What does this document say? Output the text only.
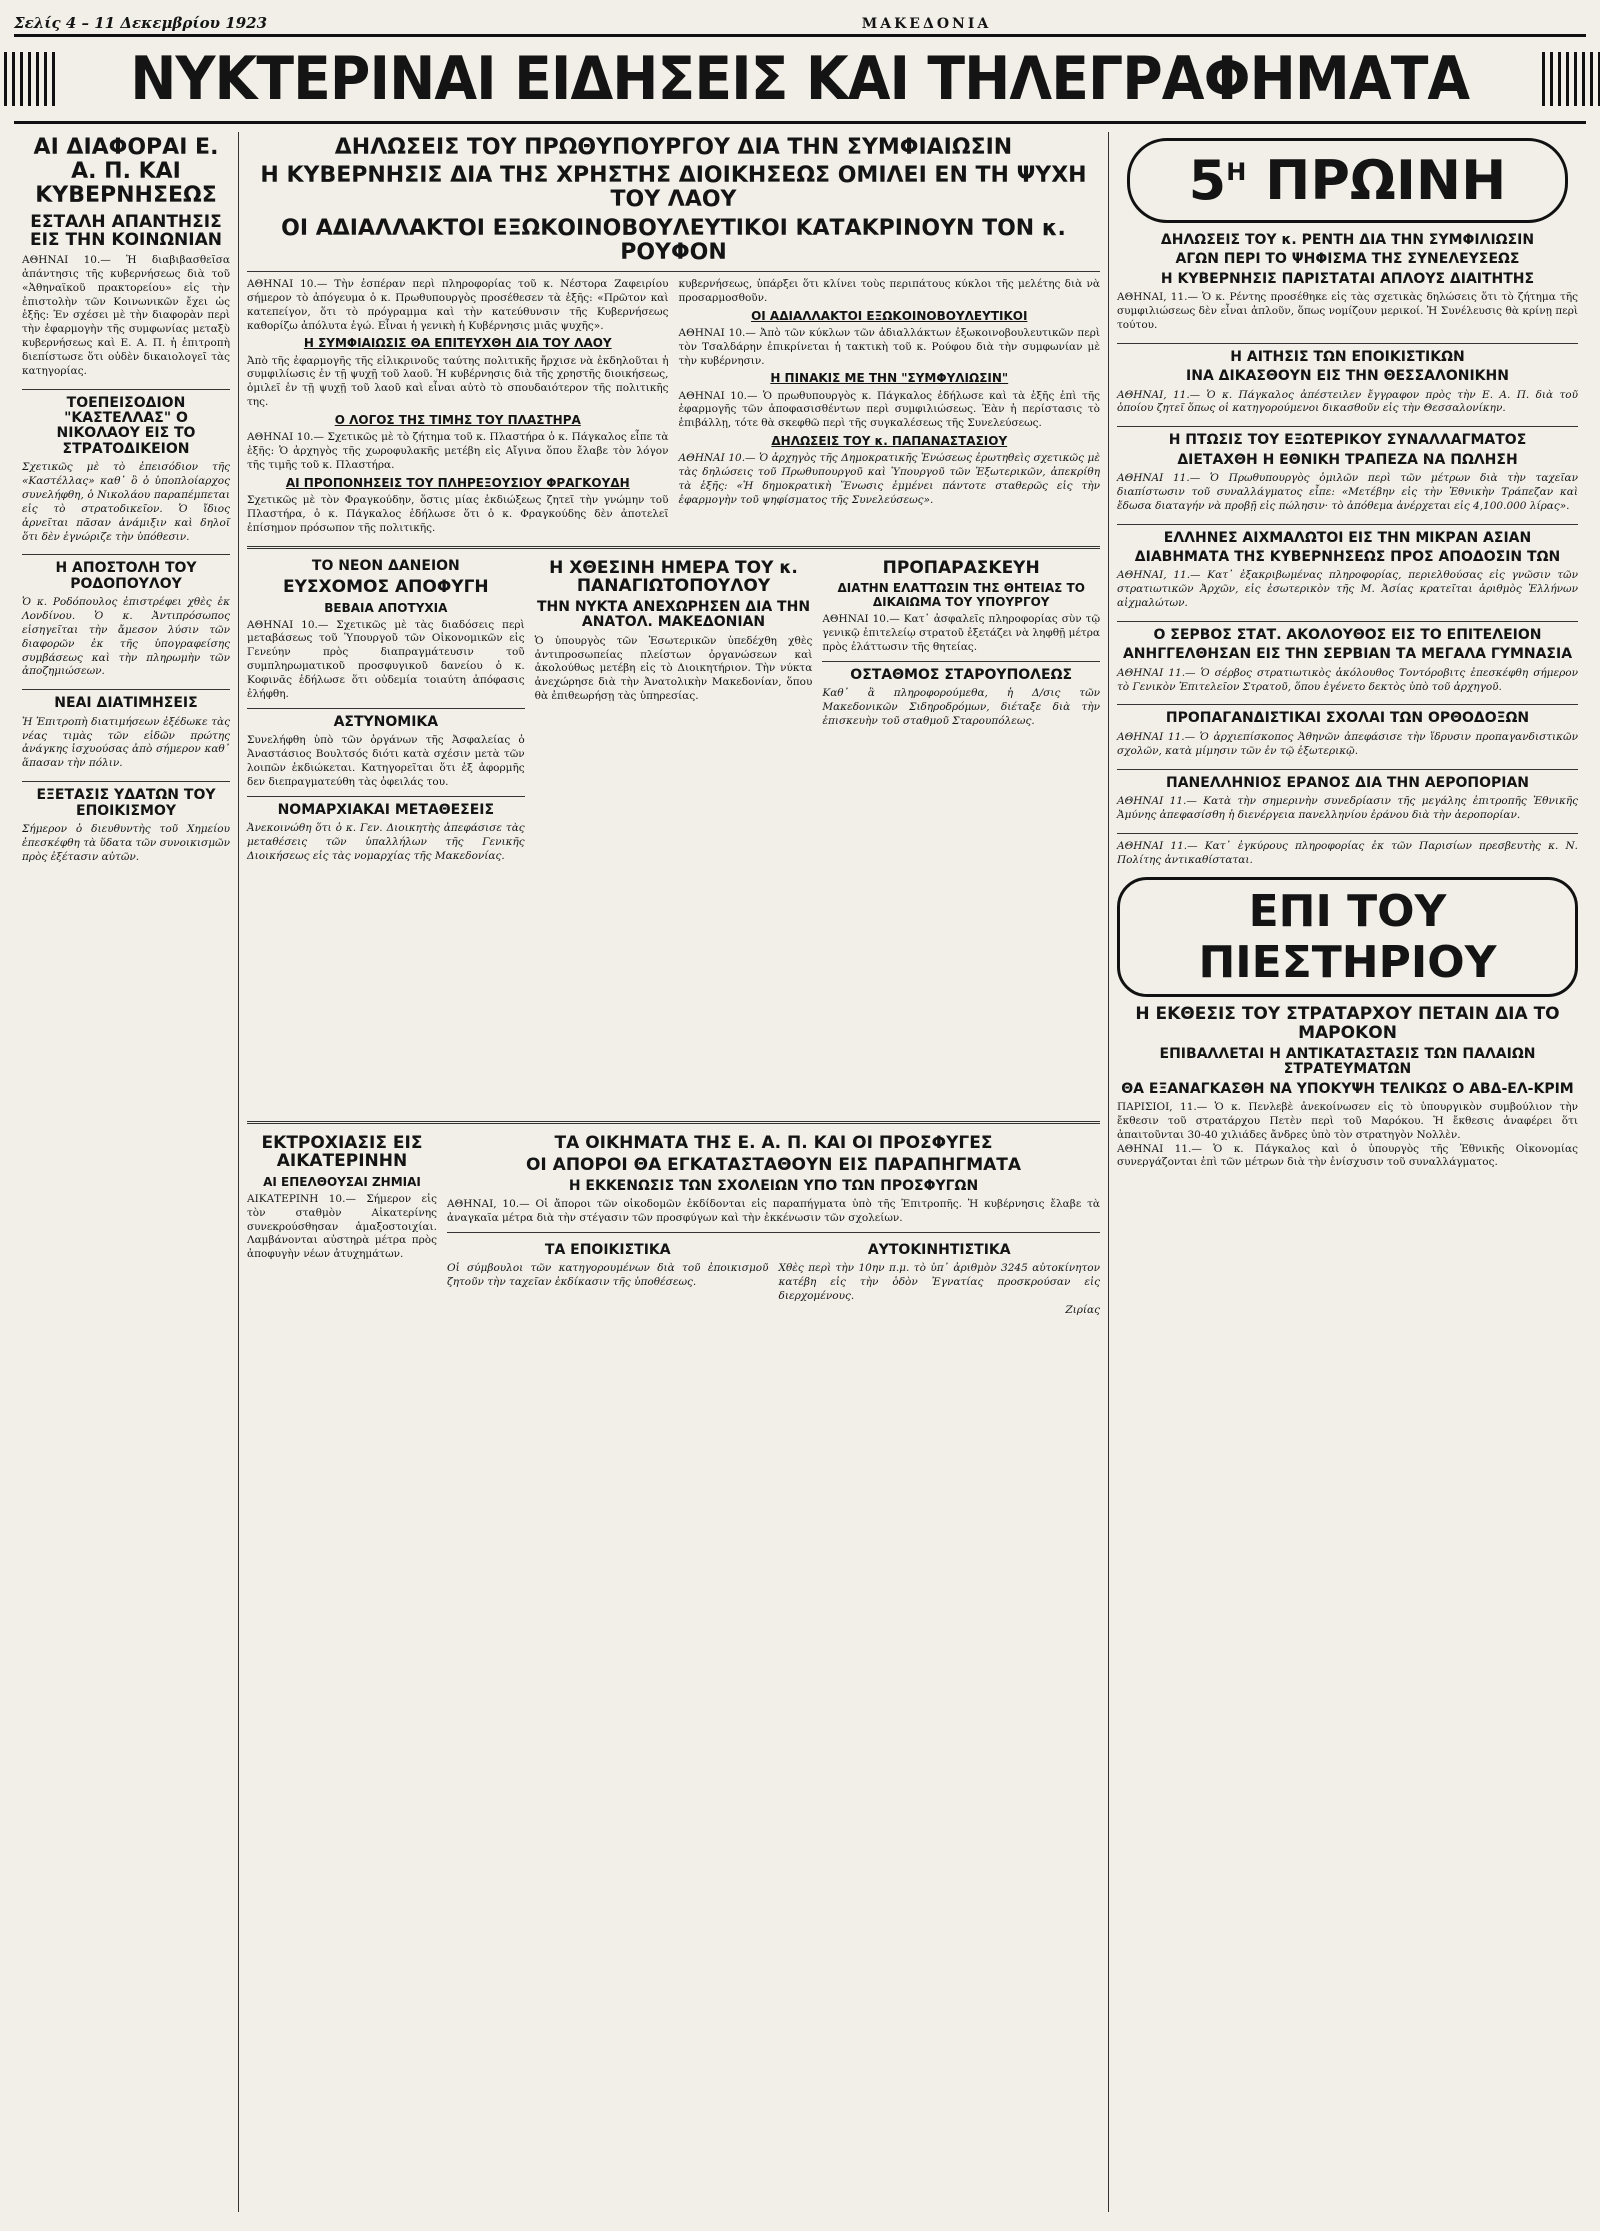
Σελίς 4 – 11 Δεκεμβρίου 1923	ΜΑΚΕΔΟΝΙΑ
ΝΥΚΤΕΡΙΝΑΙ ΕΙΔΗΣΕΙΣ ΚΑΙ ΤΗΛΕΓΡΑΦΗΜΑΤΑ
ΑΙ ΔΙΑΦΟΡΑΙ Ε. Α. Π. ΚΑΙ ΚΥΒΕΡΝΗΣΕΩΣ
ΕΣΤΑΛΗ ΑΠΑΝΤΗΣΙΣ ΕΙΣ ΤΗΝ ΚΟΙΝΩΝΙΑΝ

ΑΘΗΝΑΙ 10.— Ἡ διαβιβασθεῖσα ἀπάντησις τῆς κυβερνήσεως διὰ τοῦ «Ἀθηναϊκοῦ πρακτορείου» εἰς τὴν ἐπιστολὴν τῶν Κοινωνικῶν ἔχει ὡς ἑξῆς: Ἐν σχέσει μὲ τὴν διαφορὰν περὶ τὴν ἐφαρμογὴν τῆς συμφωνίας μεταξὺ κυβερνήσεως καὶ Ε. Α. Π. ἡ ἐπιτροπὴ διεπίστωσε ὅτι οὐδὲν δικαιολογεῖ τὰς κατηγορίας.

ΤΟΕΠΕΙΣΟΔΙΟΝ "ΚΑΣΤΕΛΛΑΣ" Ο ΝΙΚΟΛΑΟΥ ΕΙΣ ΤΟ ΣΤΡΑΤΟΔΙΚΕΙΟΝ

Σχετικῶς μὲ τὸ ἐπεισόδιον τῆς «Καστέλλας» καθ᾽ ὃ ὁ ὑποπλοίαρχος συνελήφθη, ὁ Νικολάου παραπέμπεται εἰς τὸ στρατοδικεῖον. Ὁ ἴδιος ἀρνεῖται πᾶσαν ἀνάμιξιν καὶ δηλοῖ ὅτι δὲν ἐγνώριζε τὴν ὑπόθεσιν.

Η ΑΠΟΣΤΟΛΗ ΤΟΥ ΡΟΔΟΠΟΥΛΟΥ

Ὁ κ. Ροδόπουλος ἐπιστρέφει χθὲς ἐκ Λονδίνου. Ὁ κ. Ἀντιπρόσωπος εἰσηγεῖται τὴν ἄμεσον λύσιν τῶν διαφορῶν ἐκ τῆς ὑπογραφείσης συμβάσεως καὶ τὴν πληρωμὴν τῶν ἀποζημιώσεων.

ΝΕΑΙ ΔΙΑΤΙΜΗΣΕΙΣ

Ἡ Ἐπιτροπὴ διατιμήσεων ἐξέδωκε τὰς νέας τιμὰς τῶν εἰδῶν πρώτης ἀνάγκης ἰσχυούσας ἀπὸ σήμερον καθ᾽ ἅπασαν τὴν πόλιν.

ΕΞΕΤΑΣΙΣ ΥΔΑΤΩΝ ΤΟΥ ΕΠΟΙΚΙΣΜΟΥ

Σήμερον ὁ διευθυντὴς τοῦ Χημείου ἐπεσκέφθη τὰ ὕδατα τῶν συνοικισμῶν πρὸς ἐξέτασιν αὐτῶν.

ΔΗΛΩΣΕΙΣ ΤΟΥ ΠΡΩΘΥΠΟΥΡΓΟΥ ΔΙΑ ΤΗΝ ΣΥΜΦΙΑΙΩΣΙΝ
Η ΚΥΒΕΡΝΗΣΙΣ ΔΙΑ ΤΗΣ ΧΡΗΣΤΗΣ ΔΙΟΙΚΗΣΕΩΣ ΟΜΙΛΕΙ ΕΝ ΤΗ ΨΥΧΗ ΤΟΥ ΛΑΟΥ
ΟΙ ΑΔΙΑΛΛΑΚΤΟΙ ΕΞΩΚΟΙΝΟΒΟΥΛΕΥΤΙΚΟΙ ΚΑΤΑΚΡΙΝΟΥΝ ΤΟΝ κ. ΡΟΥΦΟΝ

ΑΘΗΝΑΙ 10.— Τὴν ἐσπέραν περὶ πληροφορίας τοῦ κ. Νέστορα Ζαφειρίου σήμερον τὸ ἀπόγευμα ὁ κ. Πρωθυπουργὸς προσέθεσεν τὰ ἑξῆς: «Πρῶτον καὶ κατεπείγον, ὅτι τὸ πρόγραμμα καὶ τὴν κατεύθυνσιν τῆς Κυβερνήσεως καθορίζω ἀπόλυτα ἐγώ. Εἶναι ἡ γενικὴ ἡ Κυβέρνησις μιᾶς ψυχῆς».

Η ΣΥΜΦΙΑΙΩΣΙΣ ΘΑ ΕΠΙΤΕΥΧΘΗ ΔΙΑ ΤΟΥ ΛΑΟΥ

Ἀπὸ τῆς ἐφαρμογῆς τῆς εἰλικρινοῦς ταύτης πολιτικῆς ἤρχισε νὰ ἐκδηλοῦται ἡ συμφιλίωσις ἐν τῇ ψυχῇ τοῦ λαοῦ. Ἡ κυβέρνησις διὰ τῆς χρηστῆς διοικήσεως, ὁμιλεῖ ἐν τῇ ψυχῇ τοῦ λαοῦ καὶ εἶναι αὐτὸ τὸ σπουδαιότερον τῆς πολιτικῆς της.

Ο ΛΟΓΟΣ ΤΗΣ ΤΙΜΗΣ ΤΟΥ ΠΛΑΣΤΗΡΑ

ΑΘΗΝΑΙ 10.— Σχετικῶς μὲ τὸ ζήτημα τοῦ κ. Πλαστήρα ὁ κ. Πάγκαλος εἶπε τὰ ἑξῆς: Ὁ ἀρχηγὸς τῆς χωροφυλακῆς μετέβη εἰς Αἴγινα ὅπου ἔλαβε τὸν λόγον τῆς τιμῆς τοῦ κ. Πλαστήρα.

ΑΙ ΠΡΟΠΟΝΗΣΕΙΣ ΤΟΥ ΠΛΗΡΕΞΟΥΣΙΟΥ ΦΡΑΓΚΟΥΔΗ

Σχετικῶς μὲ τὸν Φραγκούδην, ὅστις μίας ἐκδιώξεως ζητεῖ τὴν γνώμην τοῦ Πλαστήρα, ὁ κ. Πάγκαλος ἐδήλωσε ὅτι ὁ κ. Φραγκούδης δὲν ἀποτελεῖ ἐπίσημον πρόσωπον τῆς πολιτικῆς.

κυβερνήσεως, ὑπάρξει ὅτι κλίνει τοὺς περιπάτους κύκλοι τῆς μελέτης διὰ νὰ προσαρμοσθοῦν.

ΟΙ ΑΔΙΑΛΛΑΚΤΟΙ ΕΞΩΚΟΙΝΟΒΟΥΛΕΥΤΙΚΟΙ

ΑΘΗΝΑΙ 10.— Ἀπὸ τῶν κύκλων τῶν ἀδιαλλάκτων ἐξωκοινοβουλευτικῶν περὶ τὸν Τσαλδάρην ἐπικρίνεται ἡ τακτικὴ τοῦ κ. Ρούφου διὰ τὴν συμφωνίαν μὲ τὴν κυβέρνησιν.

Η ΠΙΝΑΚΙΣ ΜΕ ΤΗΝ "ΣΥΜΦΥΛΙΩΣΙΝ"

ΑΘΗΝΑΙ 10.— Ὁ πρωθυπουργὸς κ. Πάγκαλος ἐδήλωσε καὶ τὰ ἑξῆς ἐπὶ τῆς ἐφαρμογῆς τῶν ἀποφασισθέντων περὶ συμφιλιώσεως. Ἐὰν ἡ περίστασις τὸ ἐπιβάλλῃ, τότε θὰ σκεφθῶ περὶ τῆς συγκαλέσεως τῆς Συνελεύσεως.

ΔΗΛΩΣΕΙΣ ΤΟΥ κ. ΠΑΠΑΝΑΣΤΑΣΙΟΥ

ΑΘΗΝΑΙ 10.— Ὁ ἀρχηγὸς τῆς Δημοκρατικῆς Ἑνώσεως ἐρωτηθεὶς σχετικῶς μὲ τὰς δηλώσεις τοῦ Πρωθυπουργοῦ καὶ Ὑπουργοῦ τῶν Ἐξωτερικῶν, ἀπεκρίθη τὰ ἑξῆς: «Ἡ δημοκρατικὴ Ἕνωσις ἐμμένει πάντοτε σταθερῶς εἰς τὴν ἐφαρμογὴν τοῦ ψηφίσματος τῆς Συνελεύσεως».

ΤΟ ΝΕΟΝ ΔΑΝΕΙΟΝ
ΕΥΣΧΟΜΟΣ ΑΠΟΦΥΓΗ
ΒΕΒΑΙΑ ΑΠΟΤΥΧΙΑ

ΑΘΗΝΑΙ 10.— Σχετικῶς μὲ τὰς διαδόσεις περὶ μεταβάσεως τοῦ Ὑπουργοῦ τῶν Οἰκονομικῶν εἰς Γενεύην πρὸς διαπραγμάτευσιν τοῦ συμπληρωματικοῦ προσφυγικοῦ δανείου ὁ κ. Κοφινᾶς ἐδήλωσε ὅτι οὐδεμία τοιαύτη ἀπόφασις ἐλήφθη.

ΑΣΤΥΝΟΜΙΚΑ

Συνελήφθη ὑπὸ τῶν ὀργάνων τῆς Ἀσφαλείας ὁ Ἀναστάσιος Βουλτσός διότι κατὰ σχέσιν μετὰ τῶν λοιπῶν ἐκδιώκεται. Κατηγορεῖται ὅτι ἐξ ἀφορμῆς δεν διεπραγματεύθη τὰς ὀφειλάς του.

ΝΟΜΑΡΧΙΑΚΑΙ ΜΕΤΑΘΕΣΕΙΣ

Ἀνεκοινώθη ὅτι ὁ κ. Γεν. Διοικητὴς ἀπεφάσισε τὰς μεταθέσεις τῶν ὑπαλλήλων τῆς Γενικῆς Διοικήσεως εἰς τὰς νομαρχίας τῆς Μακεδονίας.

Η ΧΘΕΣΙΝΗ ΗΜΕΡΑ ΤΟΥ κ. ΠΑΝΑΓΙΩΤΟΠΟΥΛΟΥ
ΤΗΝ ΝΥΚΤΑ ΑΝΕΧΩΡΗΣΕΝ ΔΙΑ ΤΗΝ ΑΝΑΤΟΛ. ΜΑΚΕΔΟΝΙΑΝ

Ὁ ὑπουργὸς τῶν Ἐσωτερικῶν ὑπεδέχθη χθὲς ἀντιπροσωπείας πλείστων ὀργανώσεων καὶ ἀκολούθως μετέβη εἰς τὸ Διοικητήριον. Τὴν νύκτα ἀνεχώρησε διὰ τὴν Ἀνατολικὴν Μακεδονίαν, ὅπου θὰ ἐπιθεωρήσῃ τὰς ὑπηρεσίας.

ΠΡΟΠΑΡΑΣΚΕΥΗ
ΔΙΑΤΗΝ ΕΛΑΤΤΩΣΙΝ ΤΗΣ ΘΗΤΕΙΑΣ ΤΟ ΔΙΚΑΙΩΜΑ ΤΟΥ ΥΠΟΥΡΓΟΥ

ΑΘΗΝΑΙ 10.— Κατ᾽ ἀσφαλεῖς πληροφορίας σὺν τῷ γενικῷ ἐπιτελείῳ στρατοῦ ἐξετάζει νὰ ληφθῇ μέτρα πρὸς ἐλάττωσιν τῆς θητείας.

ΟΣΤΑΘΜΟΣ ΣΤΑΡΟΥΠΟΛΕΩΣ

Καθ᾽ ἃ πληροφορούμεθα, ἡ Δ/σις τῶν Μακεδονικῶν Σιδηροδρόμων, διέταξε διὰ τὴν ἐπισκευὴν τοῦ σταθμοῦ Σταρουπόλεως.

ΕΚΤΡΟΧΙΑΣΙΣ ΕΙΣ ΑΙΚΑΤΕΡΙΝΗΝ
ΑΙ ΕΠΕΛΘΟΥΣΑΙ ΖΗΜΙΑΙ

ΑΙΚΑΤΕΡΙΝΗ 10.— Σήμερον εἰς τὸν σταθμὸν Αἰκατερίνης συνεκρούσθησαν ἁμαξοστοιχίαι. Λαμβάνονται αὐστηρὰ μέτρα πρὸς ἀποφυγὴν νέων ἀτυχημάτων.

ΤΑ ΟΙΚΗΜΑΤΑ ΤΗΣ Ε. Α. Π. ΚΑΙ ΟΙ ΠΡΟΣΦΥΓΕΣ
ΟΙ ΑΠΟΡΟΙ ΘΑ ΕΓΚΑΤΑΣΤΑΘΟΥΝ ΕΙΣ ΠΑΡΑΠΗΓΜΑΤΑ
Η ΕΚΚΕΝΩΣΙΣ ΤΩΝ ΣΧΟΛΕΙΩΝ ΥΠΟ ΤΩΝ ΠΡΟΣΦΥΓΩΝ

ΑΘΗΝΑΙ, 10.— Οἱ ἄποροι τῶν οἰκοδομῶν ἐκδίδονται εἰς παραπήγματα ὑπὸ τῆς Ἐπιτροπῆς. Ἡ κυβέρνησις ἔλαβε τὰ ἀναγκαῖα μέτρα διὰ τὴν στέγασιν τῶν προσφύγων καὶ τὴν ἐκκένωσιν τῶν σχολείων.

ΤΑ ΕΠΟΙΚΙΣΤΙΚΑ

Οἱ σύμβουλοι τῶν κατηγορουμένων διὰ τοῦ ἐποικισμοῦ ζητοῦν τὴν ταχεῖαν ἐκδίκασιν τῆς ὑποθέσεως.

ΑΥΤΟΚΙΝΗΤΙΣΤΙΚΑ

Χθὲς περὶ τὴν 10ην π.μ. τὸ ὑπ᾽ ἀριθμὸν 3245 αὐτοκίνητον κατέβη εἰς τὴν ὁδὸν Ἐγνατίας προσκρούσαν εἰς διερχομένους.

Ζιρίας

$5^H$ ΠΡΩΙΝΗ
ΔΗΛΩΣΕΙΣ ΤΟΥ κ. ΡΕΝΤΗ ΔΙΑ ΤΗΝ ΣΥΜΦΙΛΙΩΣΙΝ
ΑΓΩΝ ΠΕΡΙ ΤΟ ΨΗΦΙΣΜΑ ΤΗΣ ΣΥΝΕΛΕΥΣΕΩΣ
Η ΚΥΒΕΡΝΗΣΙΣ ΠΑΡΙΣΤΑΤΑΙ ΑΠΛΟΥΣ ΔΙΑΙΤΗΤΗΣ

ΑΘΗΝΑΙ, 11.— Ὁ κ. Ρέντης προσέθηκε εἰς τὰς σχετικὰς δηλώσεις ὅτι τὸ ζήτημα τῆς συμφιλιώσεως δὲν εἶναι ἁπλοῦν, ὅπως νομίζουν μερικοί. Ἡ Συνέλευσις θὰ κρίνῃ περὶ τούτου.

Η ΑΙΤΗΣΙΣ ΤΩΝ ΕΠΟΙΚΙΣΤΙΚΩΝ
ΙΝΑ ΔΙΚΑΣΘΟΥΝ ΕΙΣ ΤΗΝ ΘΕΣΣΑΛΟΝΙΚΗΝ

ΑΘΗΝΑΙ, 11.— Ὁ κ. Πάγκαλος ἀπέστειλεν ἔγγραφον πρὸς τὴν Ε. Α. Π. διὰ τοῦ ὁποίου ζητεῖ ὅπως οἱ κατηγορούμενοι δικασθοῦν εἰς τὴν Θεσσαλονίκην.

Η ΠΤΩΣΙΣ ΤΟΥ ΕΞΩΤΕΡΙΚΟΥ ΣΥΝΑΛΛΑΓΜΑΤΟΣ
ΔΙΕΤΑΧΘΗ Η ΕΘΝΙΚΗ ΤΡΑΠΕΖΑ ΝΑ ΠΩΛΗΣΗ

ΑΘΗΝΑΙ 11.— Ὁ Πρωθυπουργὸς ὁμιλῶν περὶ τῶν μέτρων διὰ τὴν ταχεῖαν διαπίστωσιν τοῦ συναλλάγματος εἶπε: «Μετέβην εἰς τὴν Ἐθνικὴν Τράπεζαν καὶ ἔδωσα διαταγήν νὰ προβῇ εἰς πώλησιν· τὸ ἀπόθεμα ἀνέρχεται εἰς 4,100.000 λίρας».

ΕΛΛΗΝΕΣ ΑΙΧΜΑΛΩΤΟΙ ΕΙΣ ΤΗΝ ΜΙΚΡΑΝ ΑΣΙΑΝ
ΔΙΑΒΗΜΑΤΑ ΤΗΣ ΚΥΒΕΡΝΗΣΕΩΣ ΠΡΟΣ ΑΠΟΔΟΣΙΝ ΤΩΝ

ΑΘΗΝΑΙ, 11.— Κατ᾽ ἐξακριβωμένας πληροφορίας, περιελθούσας εἰς γνῶσιν τῶν στρατιωτικῶν Ἀρχῶν, εἰς ἐσωτερικὸν τῆς Μ. Ἀσίας κρατεῖται ἀριθμὸς Ἑλλήνων αἰχμαλώτων.

Ο ΣΕΡΒΟΣ ΣΤΑΤ. ΑΚΟΛΟΥΘΟΣ ΕΙΣ ΤΟ ΕΠΙΤΕΛΕΙΟΝ
ΑΝΗΓΓΕΛΘΗΣΑΝ ΕΙΣ ΤΗΝ ΣΕΡΒΙΑΝ ΤΑ ΜΕΓΑΛΑ ΓΥΜΝΑΣΙΑ

ΑΘΗΝΑΙ 11.— Ὁ σέρβος στρατιωτικὸς ἀκόλουθος Τοντόροβιτς ἐπεσκέφθη σήμερον τὸ Γενικὸν Ἐπιτελεῖον Στρατοῦ, ὅπου ἐγένετο δεκτὸς ὑπὸ τοῦ ἀρχηγοῦ.

ΠΡΟΠΑΓΑΝΔΙΣΤΙΚΑΙ ΣΧΟΛΑΙ ΤΩΝ ΟΡΘΟΔΟΞΩΝ

ΑΘΗΝΑΙ 11.— Ὁ ἀρχιεπίσκοπος Ἀθηνῶν ἀπεφάσισε τὴν ἵδρυσιν προπαγανδιστικῶν σχολῶν, κατὰ μίμησιν τῶν ἐν τῷ ἐξωτερικῷ.

ΠΑΝΕΛΛΗΝΙΟΣ ΕΡΑΝΟΣ ΔΙΑ ΤΗΝ ΑΕΡΟΠΟΡΙΑΝ

ΑΘΗΝΑΙ 11.— Κατὰ τὴν σημερινὴν συνεδρίασιν τῆς μεγάλης ἐπιτροπῆς Ἐθνικῆς Ἀμύνης ἀπεφασίσθη ἡ διενέργεια πανελληνίου ἐράνου διὰ τὴν ἀεροπορίαν.

ΑΘΗΝΑΙ 11.— Κατ᾽ ἐγκύρους πληροφορίας ἐκ τῶν Παρισίων πρεσβευτὴς κ. Ν. Πολίτης ἀντικαθίσταται.

ΕΠΙ ΤΟΥ ΠΙΕΣΤΗΡΙΟΥ
Η ΕΚΘΕΣΙΣ ΤΟΥ ΣΤΡΑΤΑΡΧΟΥ ΠΕΤΑΙΝ ΔΙΑ ΤΟ ΜΑΡΟΚΟΝ
ΕΠΙΒΑΛΛΕΤΑΙ Η ΑΝΤΙΚΑΤΑΣΤΑΣΙΣ ΤΩΝ ΠΑΛΑΙΩΝ ΣΤΡΑΤΕΥΜΑΤΩΝ
ΘΑ ΕΞΑΝΑΓΚΑΣΘΗ ΝΑ ΥΠΟΚΥΨΗ ΤΕΛΙΚΩΣ Ο ΑΒΔ-ΕΛ-ΚΡΙΜ

ΠΑΡΙΣΙΟΙ, 11.— Ὁ κ. Πενλεβὲ ἀνεκοίνωσεν εἰς τὸ ὑπουργικὸν συμβούλιον τὴν ἔκθεσιν τοῦ στρατάρχου Πετὲν περὶ τοῦ Μαρόκου. Ἡ ἔκθεσις ἀναφέρει ὅτι ἀπαιτοῦνται 30-40 χιλιάδες ἄνδρες ὑπὸ τὸν στρατηγὸν Νολλὲν.

ΑΘΗΝΑΙ 11.— Ὁ κ. Πάγκαλος καὶ ὁ ὑπουργὸς τῆς Ἐθνικῆς Οἰκονομίας συνεργάζονται ἐπὶ τῶν μέτρων διὰ τὴν ἐνίσχυσιν τοῦ συναλλάγματος.
